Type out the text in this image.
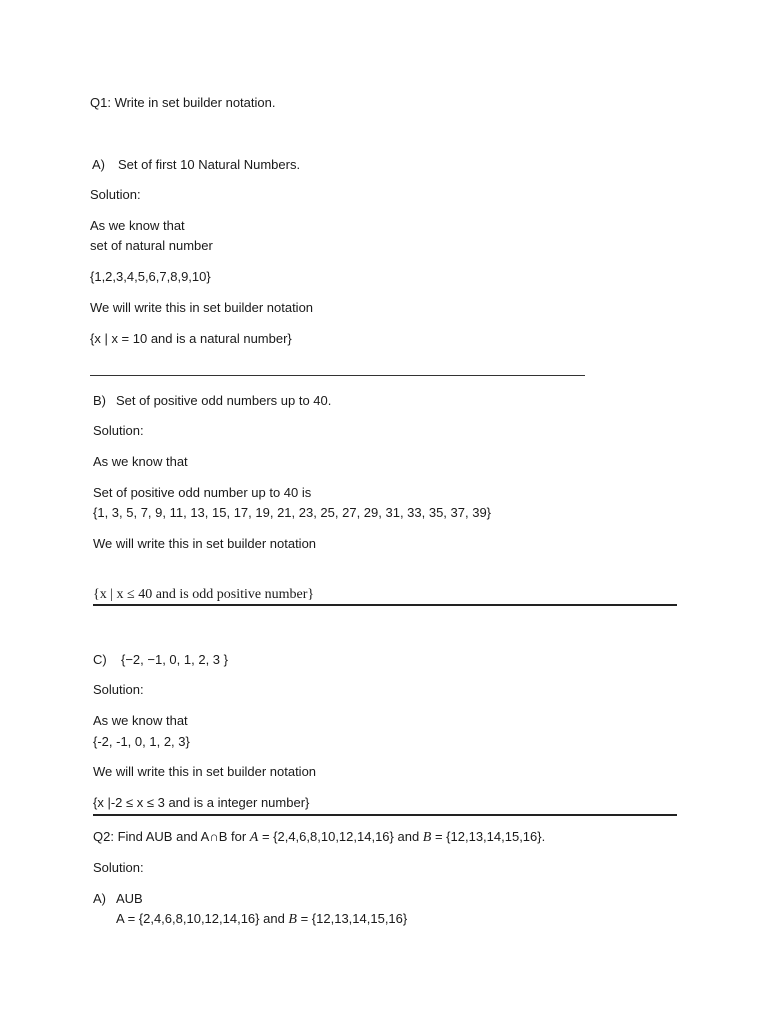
Q1: Write in set builder notation.
A) Set of first 10 Natural Numbers.
Solution:
As we know that
set of natural number
{1,2,3,4,5,6,7,8,9,10}
We will write this in set builder notation
{x | x = 10 and is a natural number}
B) Set of positive odd numbers up to 40.
Solution:
As we know that
Set of positive odd number up to 40 is
{1, 3, 5, 7, 9, 11, 13, 15, 17, 19, 21, 23, 25, 27, 29, 31, 33, 35, 37, 39}
We will write this in set builder notation
{x | x ≤ 40 and is odd positive number}
C) {−2, −1, 0, 1, 2, 3 }
Solution:
As we know that
{-2, -1, 0, 1, 2, 3}
We will write this in set builder notation
{x |-2 ≤ x ≤ 3 and is a integer number}
Q2: Find AUB and A∩B for A = {2,4,6,8,10,12,14,16} and B = {12,13,14,15,16}.
Solution:
A) AUB
A = {2,4,6,8,10,12,14,16} and B = {12,13,14,15,16}
